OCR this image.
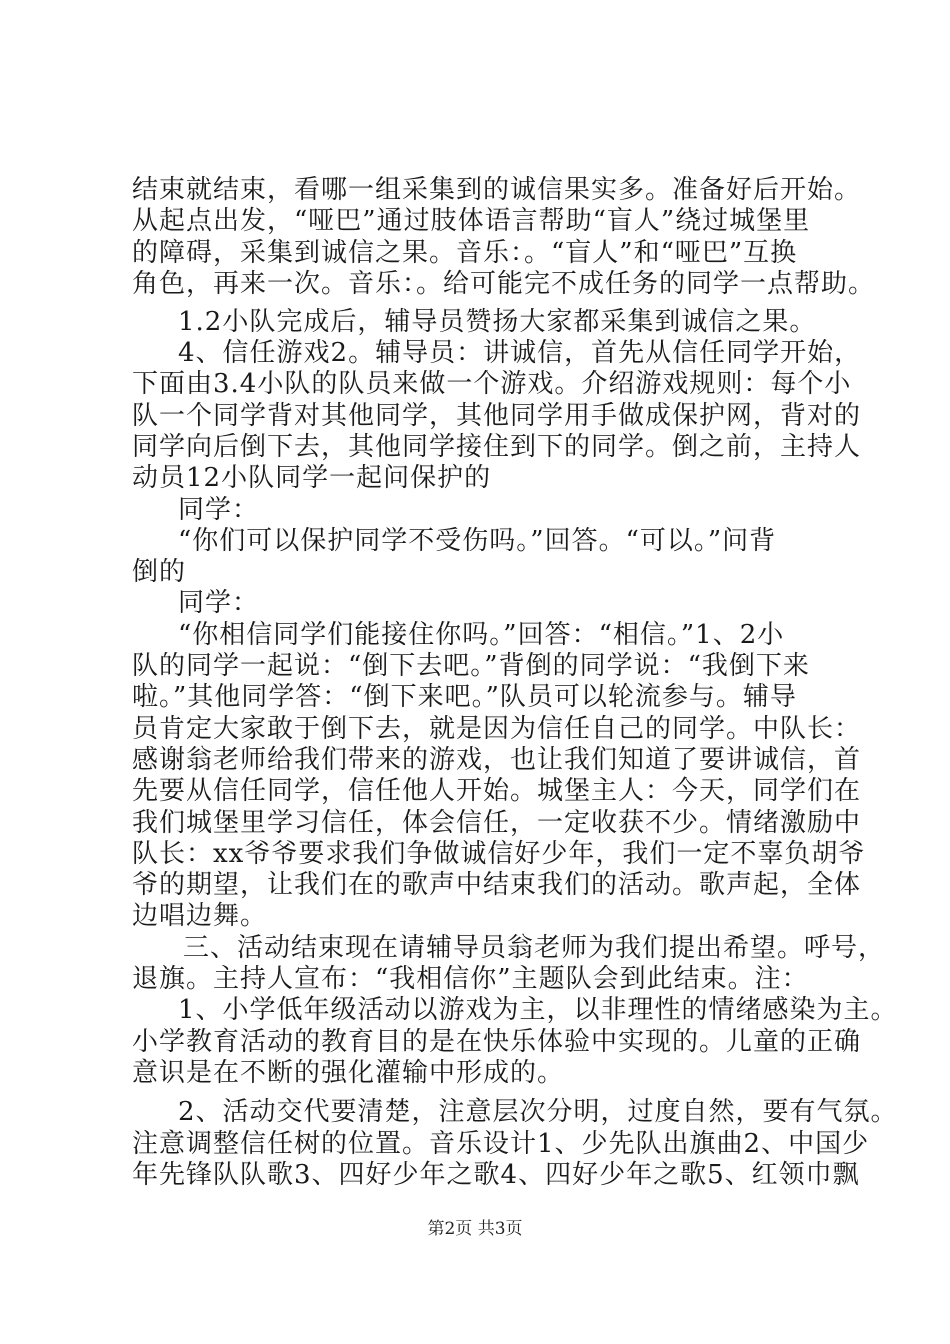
结束就结束，看哪一组采集到的诚信果实多。准备好后开始。
从起点出发，“哑巴”通过肢体语言帮助“盲人”绕过城堡里
的障碍，采集到诚信之果。音乐：。“盲人”和“哑巴”互换
角色，再来一次。音乐：。给可能完不成任务的同学一点帮助。
1.2小队完成后，辅导员赞扬大家都采集到诚信之果。
4、信任游戏2。辅导员：讲诚信，首先从信任同学开始，
下面由3.4小队的队员来做一个游戏。介绍游戏规则：每个小
队一个同学背对其他同学，其他同学用手做成保护网，背对的
同学向后倒下去，其他同学接住到下的同学。倒之前，主持人
动员12小队同学一起问保护的
同学：
“你们可以保护同学不受伤吗。”回答。“可以。”问背
倒的
同学：
“你相信同学们能接住你吗。”回答：“相信。”1、2小
队的同学一起说：“倒下去吧。”背倒的同学说：“我倒下来
啦。”其他同学答：“倒下来吧。”队员可以轮流参与。辅导
员肯定大家敢于倒下去，就是因为信任自己的同学。中队长：
感谢翁老师给我们带来的游戏，也让我们知道了要讲诚信，首
先要从信任同学，信任他人开始。城堡主人：今天，同学们在
我们城堡里学习信任，体会信任，一定收获不少。情绪激励中
队长：xx爷爷要求我们争做诚信好少年，我们一定不辜负胡爷
爷的期望，让我们在的歌声中结束我们的活动。歌声起，全体
边唱边舞。
三、活动结束现在请辅导员翁老师为我们提出希望。呼号，
退旗。主持人宣布：“我相信你”主题队会到此结束。注：
1、小学低年级活动以游戏为主，以非理性的情绪感染为主。
小学教育活动的教育目的是在快乐体验中实现的。儿童的正确
意识是在不断的强化灌输中形成的。
2、活动交代要清楚，注意层次分明，过度自然，要有气氛。
注意调整信任树的位置。音乐设计1、少先队出旗曲2、中国少
年先锋队队歌3、四好少年之歌4、四好少年之歌5、红领巾飘
第2页 共3页
